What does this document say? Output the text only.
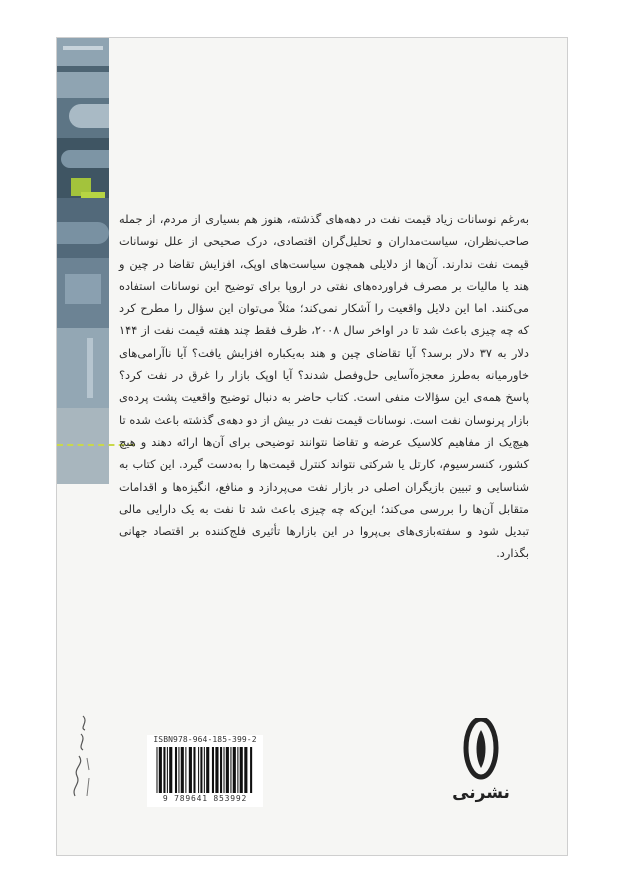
به‌رغم نوسانات زیاد قیمت نفت در دهه‌های گذشته، هنوز هم بسیاری از مردم، از جمله صاحب‌نظران، سیاست‌مداران و تحلیل‌گران اقتصادی، درک صحیحی از علل نوسانات قیمت نفت ندارند. آن‌ها از دلایلی همچون سیاست‌های اوپک، افزایش تقاضا در چین و هند یا مالیات بر مصرف فراورده‌های نفتی در اروپا برای توضیح این نوسانات استفاده می‌کنند. اما این دلایل واقعیت را آشکار نمی‌کند؛ مثلاً می‌توان این سؤال را مطرح کرد که چه چیزی باعث شد تا در اواخر سال ۲۰۰۸، ظرف فقط چند هفته قیمت نفت از ۱۴۴ دلار به ۳۷ دلار برسد؟ آیا تقاضای چین و هند به‌یکباره افزایش یافت؟ آیا ناآرامی‌های خاورمیانه به‌طرز معجزه‌آسایی حل‌وفصل شدند؟ آیا اوپک بازار را غرق در نفت کرد؟ پاسخ همه‌ی این سؤالات منفی است. کتاب حاضر به دنبال توضیح واقعیت پشت پرده‌ی بازار پرنوسان نفت است. نوسانات قیمت نفت در بیش از دو دهه‌ی گذشته باعث شده تا هیچ‌یک از مفاهیم کلاسیک عرضه و تقاضا نتوانند توضیحی برای آن‌ها ارائه دهند و هیچ کشور، کنسرسیوم، کارتل یا شرکتی نتواند کنترل قیمت‌ها را به‌دست گیرد. این کتاب به شناسایی و تبیین بازیگران اصلی در بازار نفت می‌پردازد و منافع، انگیزه‌ها و اقدامات متقابل آن‌ها را بررسی می‌کند؛ این‌که چه چیزی باعث شد تا نفت به یک دارایی مالی تبدیل شود و سفته‌بازی‌های بی‌پروا در این بازارها تأثیری فلج‌کننده بر اقتصاد جهانی بگذارد.
ISBN978-964-185-399-2
9 789641 853992	نشرنی
